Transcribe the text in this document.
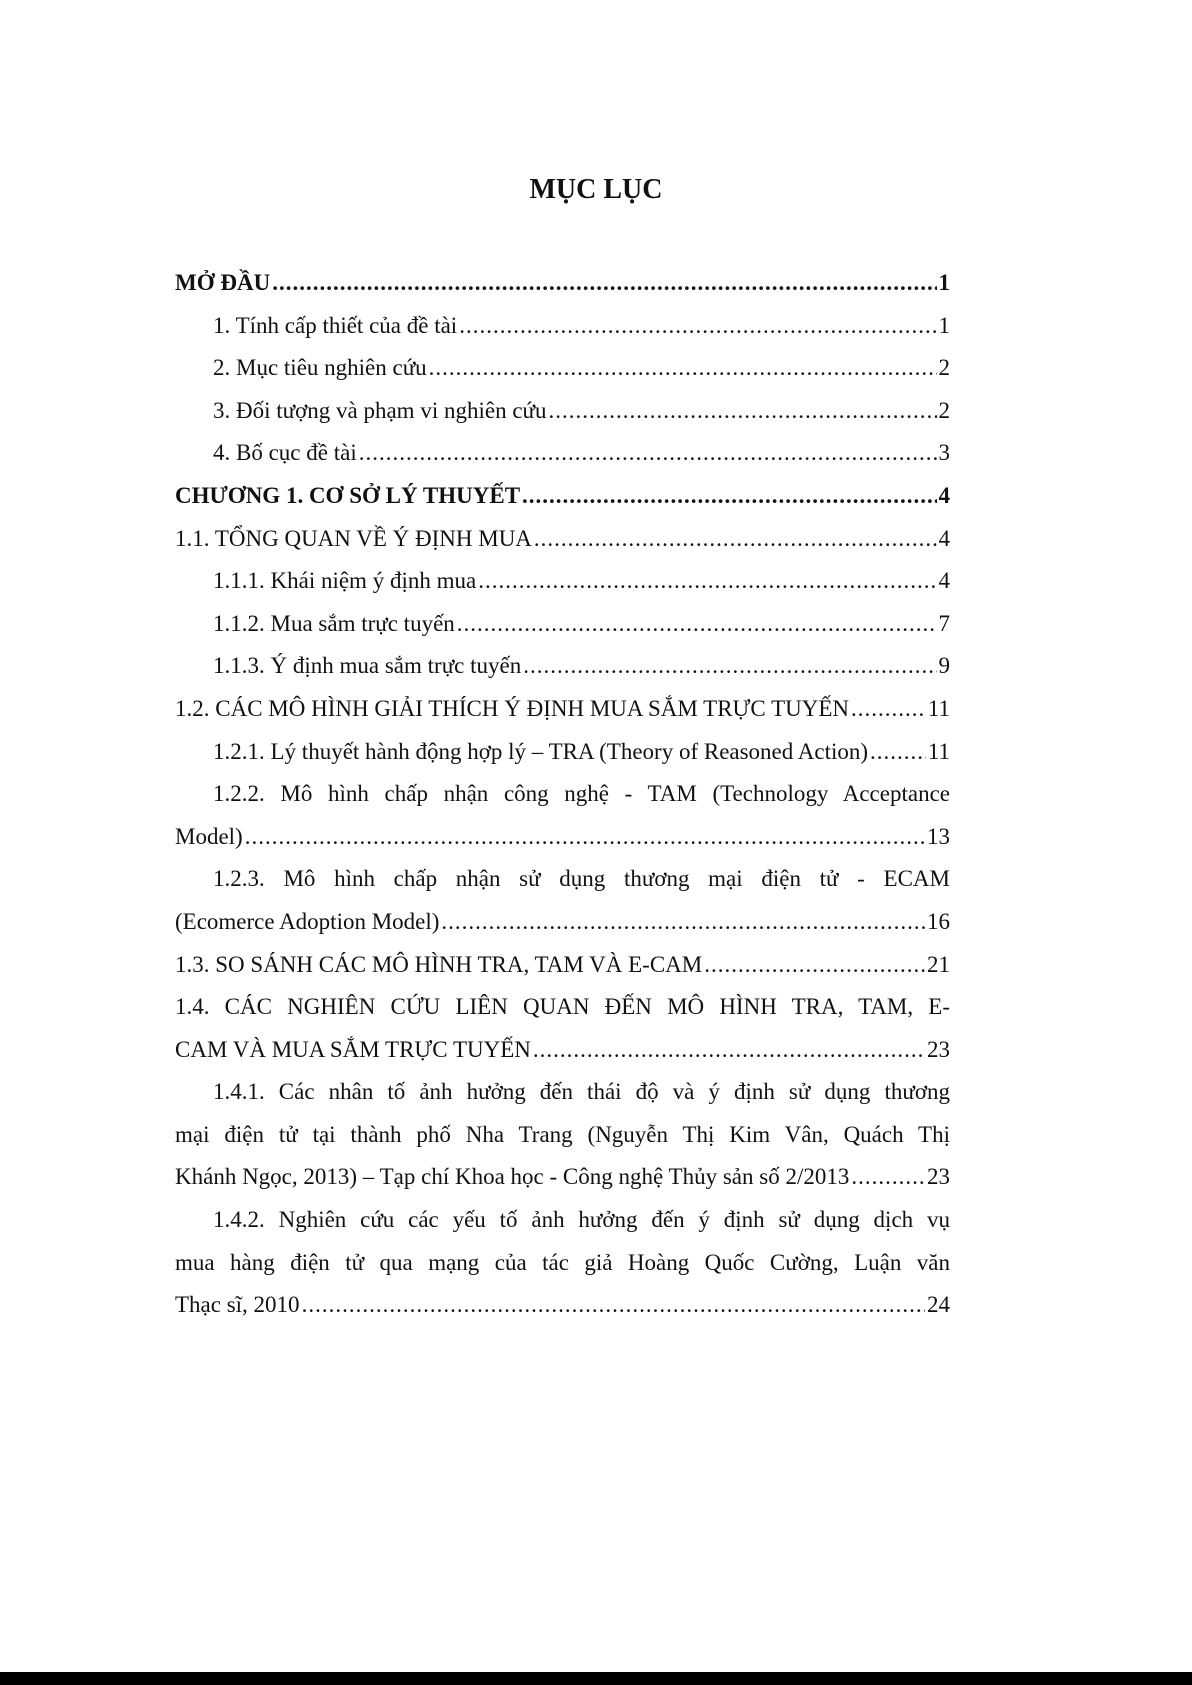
MỤC LỤC
MỞ ĐẦU .....	1
1. Tính cấp thiết của đề tài .....	1
2. Mục tiêu nghiên cứu .....	2
3. Đối tượng và phạm vi nghiên cứu .....	2
4. Bố cục đề tài .....	3
CHƯƠNG 1. CƠ SỞ LÝ THUYẾT .....	4
1.1. TỔNG QUAN VỀ Ý ĐỊNH MUA .....	4
1.1.1. Khái niệm ý định mua .....	4
1.1.2. Mua sắm trực tuyến .....	7
1.1.3. Ý định mua sắm trực tuyến .....	9
1.2. CÁC MÔ HÌNH GIẢI THÍCH Ý ĐỊNH MUA SẮM TRỰC TUYẾN .....	11
1.2.1. Lý thuyết hành động hợp lý – TRA (Theory of Reasoned Action) .....	11
1.2.2. Mô hình chấp nhận công nghệ - TAM (Technology Acceptance
Model) .....	13
1.2.3. Mô hình chấp nhận sử dụng thương mại điện tử - ECAM
(Ecomerce Adoption Model) .....	16
1.3. SO SÁNH CÁC MÔ HÌNH TRA, TAM VÀ E-CAM .....	21
1.4. CÁC NGHIÊN CỨU LIÊN QUAN ĐẾN MÔ HÌNH TRA, TAM, E-
CAM VÀ MUA SẮM TRỰC TUYẾN .....	23
1.4.1. Các nhân tố ảnh hưởng đến thái độ và ý định sử dụng thương
mại điện tử tại thành phố Nha Trang (Nguyễn Thị Kim Vân, Quách Thị
Khánh Ngọc, 2013) – Tạp chí Khoa học - Công nghệ Thủy sản số 2/2013 .....	23
1.4.2. Nghiên cứu các yếu tố ảnh hưởng đến ý định sử dụng dịch vụ
mua hàng điện tử qua mạng của tác giả Hoàng Quốc Cường, Luận văn
Thạc sĩ, 2010 .....	24
